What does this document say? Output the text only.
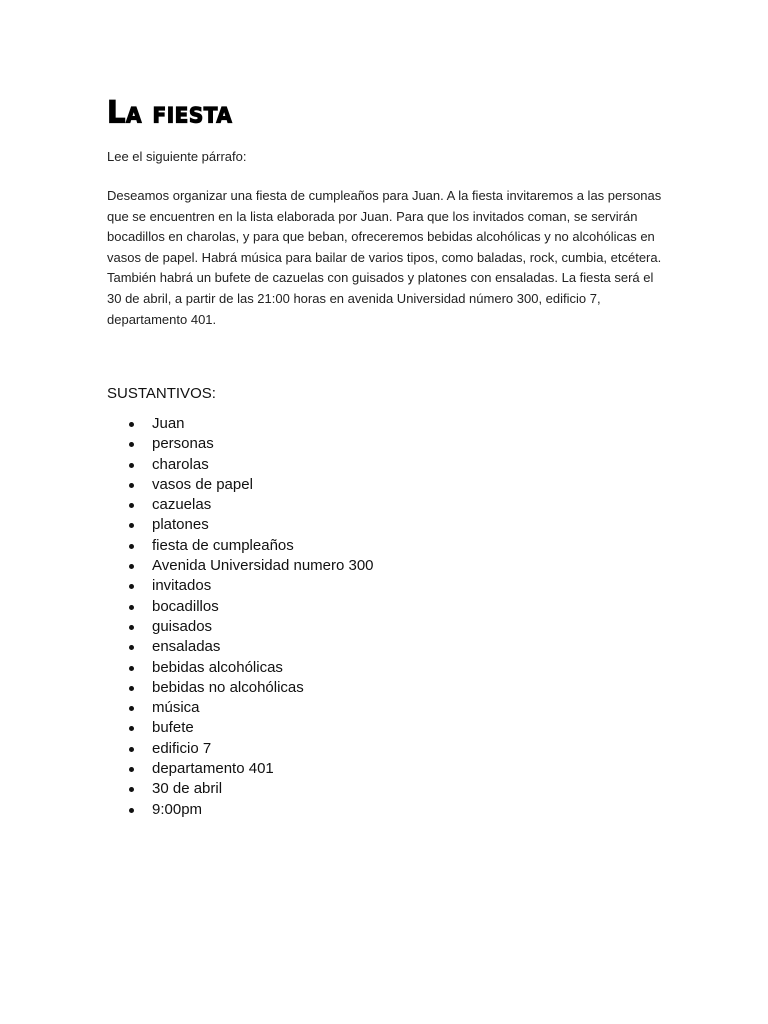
La fiesta

Lee el siguiente párrafo:

Deseamos organizar una fiesta de cumpleaños para Juan. A la fiesta invitaremos a las personas que se encuentren en la lista elaborada por Juan. Para que los invitados coman, se servirán bocadillos en charolas, y para que beban, ofreceremos bebidas alcohólicas y no alcohólicas en vasos de papel. Habrá música para bailar de varios tipos, como baladas, rock, cumbia, etcétera. También habrá un bufete de cazuelas con guisados y platones con ensaladas. La fiesta será el 30 de abril, a partir de las 21:00 horas en avenida Universidad número 300, edificio 7, departamento 401.

SUSTANTIVOS:
Juan
personas
charolas
vasos de papel
cazuelas
platones
fiesta de cumpleaños
Avenida Universidad numero 300
invitados
bocadillos
guisados
ensaladas
bebidas alcohólicas
bebidas no alcohólicas
música
bufete
edificio 7
departamento 401
30 de abril
9:00pm
